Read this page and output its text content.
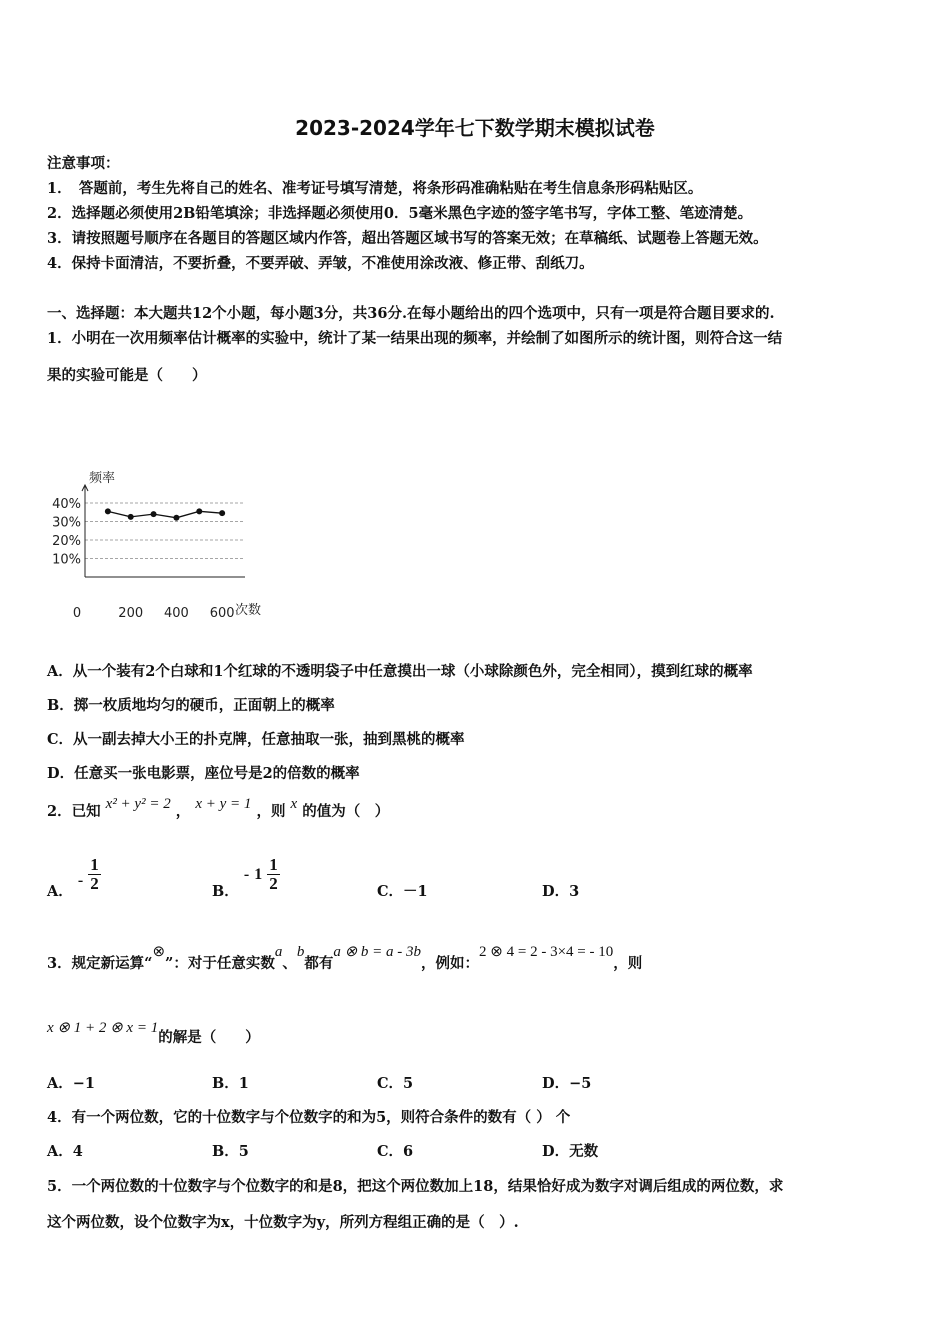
2023-2024学年七下数学期末模拟试卷
注意事项：
1．　答题前，考生先将自己的姓名、准考证号填写清楚，将条形码准确粘贴在考生信息条形码粘贴区。
2．选择题必须使用2B铅笔填涂；非选择题必须使用0．5毫米黑色字迹的签字笔书写，字体工整、笔迹清楚。
3．请按照题号顺序在各题目的答题区域内作答，超出答题区域书写的答案无效；在草稿纸、试题卷上答题无效。
4．保持卡面清洁，不要折叠，不要弄破、弄皱，不准使用涂改液、修正带、刮纸刀。
一、选择题：本大题共12个小题，每小题3分，共36分.在每小题给出的四个选项中，只有一项是符合题目要求的.
1．小明在一次用频率估计概率的实验中，统计了某一结果出现的频率，并绘制了如图所示的统计图，则符合这一结
果的实验可能是（　　）
10%
20%
30%
40%
0	200 400 600
频率
次数
A．从一个装有2个白球和1个红球的不透明袋子中任意摸出一球（小球除颜色外，完全相同），摸到红球的概率
B．掷一枚质地均匀的硬币，正面朝上的概率
C．从一副去掉大小王的扑克牌，任意抽取一张，抽到黑桃的概率
D．任意买一张电影票，座位号是2的倍数的概率
2．已知 x² + y² = 2 ， x + y = 1 ，则 x 的值为（　）
A． - $\frac{1}{2}$	B． - $1 \frac{1}{2}$	C．－1	D．3
3．规定新运算“⊗”：对于任意实数a、b都有a ⊗ b = a - 3b，例如：2 ⊗ 4 = 2 - 3×4 = - 10，则
x ⊗ 1 + 2 ⊗ x = 1的解是（　　）
A．−1	B．1	C．5	D．−5
4．有一个两位数，它的十位数字与个位数字的和为5，则符合条件的数有（ ） 个
A．4	B．5	C．6	D．无数
5．一个两位数的十位数字与个位数字的和是8，把这个两位数加上18，结果恰好成为数字对调后组成的两位数，求
这个两位数，设个位数字为x，十位数字为y，所列方程组正确的是（　）.
